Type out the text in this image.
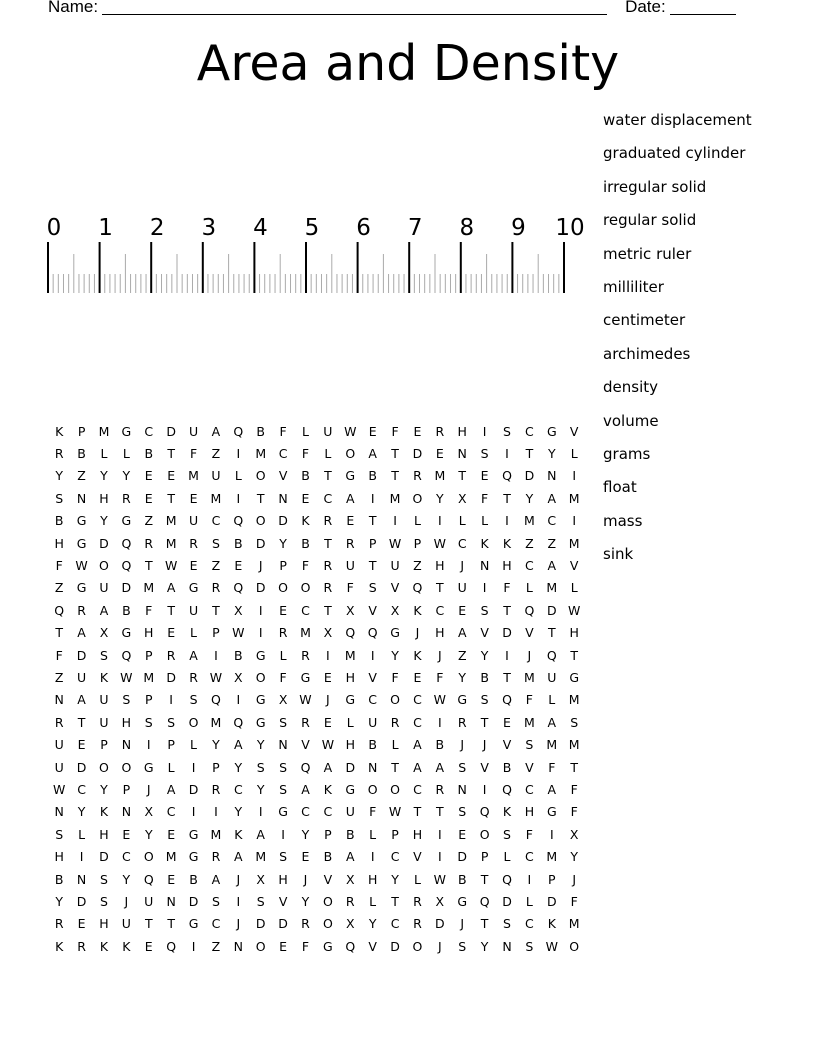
Name:	Date:
Area and Density
0 1 2 3 4 5 6 7 8 9 10
K	P	M G	C	D	U	A	Q	B	F	L	U W E	F	E	R	H	I	S	C	G	V
R	B	L	L	B	T	F	Z	I	M	C	F	L	O	A	T	D	E	N	S	I	T	Y	L
Y	Z	Y	Y	E	E	M U	L	O	V	B	T	G	B	T	R	M	T	E	Q	D	N	I
S	N	H	R	E	T	E	M	I	T	N	E	C	A	I	M O	Y	X	F	T	Y	A	M
B	G	Y	G	Z	M U	C	Q	O	D	K	R	E	T	I	L	I	L	L	I	M	C	I
H	G	D	Q	R	M	R	S	B	D	Y	B	T	R	P W P W C	K	K	Z	Z	M
F	W O	Q	T W E	Z	E	J	P	F	R	U	T	U	Z	H	J	N	H	C	A	V
Z	G	U	D M	A	G	R	Q	D	O	O	R	F	S	V	Q	T	U	I	F	L	M	L
Q	R	A	B	F	T	U	T	X	I	E	C	T	X	V	X	K	C	E	S	T	Q	D W
T	A	X	G	H	E	L	P W	I	R	M	X	Q	Q	G	J	H	A	V	D	V	T	H
F	D	S	Q	P	R	A	I	B	G	L	R	I	M	I	Y	K	J	Z	Y	I	J	Q	T
Z	U	K W M D	R W X	O	F	G	E	H	V	F	E	F	Y	B	T	M U	G
N	A	U	S	P	I	S	Q	I	G	X W	J	G	C	O	C W G	S	Q	F	L	M
R	T	U	H	S	S	O M Q	G	S	R	E	L	U	R	C	I	R	T	E	M	A	S
U	E	P	N	I	P	L	Y	A	Y	N	V W H	B	L	A	B	J	J	V	S	M M
U	D	O	O	G	L	I	P	Y	S	S	Q	A	D	N	T	A	A	S	V	B	V	F	T
W C	Y	P	J	A	D	R	C	Y	S	A	K	G	O	O	C	R	N	I	Q	C	A	F
N	Y	K	N	X	C	I	I	Y	I	G	C	C	U	F	W T	T	S	Q	K	H	G	F
S	L	H	E	Y	E	G M	K	A	I	Y	P	B	L	P	H	I	E	O	S	F	I	X
H	I	D	C	O M G	R	A	M	S	E	B	A	I	C	V	I	D	P	L	C	M	Y
B	N	S	Y	Q	E	B	A	J	X	H	J	V	X	H	Y	L	W B	T	Q	I	P	J
Y	D	S	J	U	N	D	S	I	S	V	Y	O	R	L	T	R	X	G	Q	D	L	D	F
R	E	H	U	T	T	G	C	J	D	D	R	O	X	Y	C	R	D	J	T	S	C	K	M
K	R	K	K	E	Q	I	Z	N	O	E	F	G	Q	V	D	O	J	S	Y	N	S W O
water displacement
graduated cylinder
irregular solid
regular solid
metric ruler
milliliter
centimeter
archimedes
density
volume
grams
float
mass
sink
